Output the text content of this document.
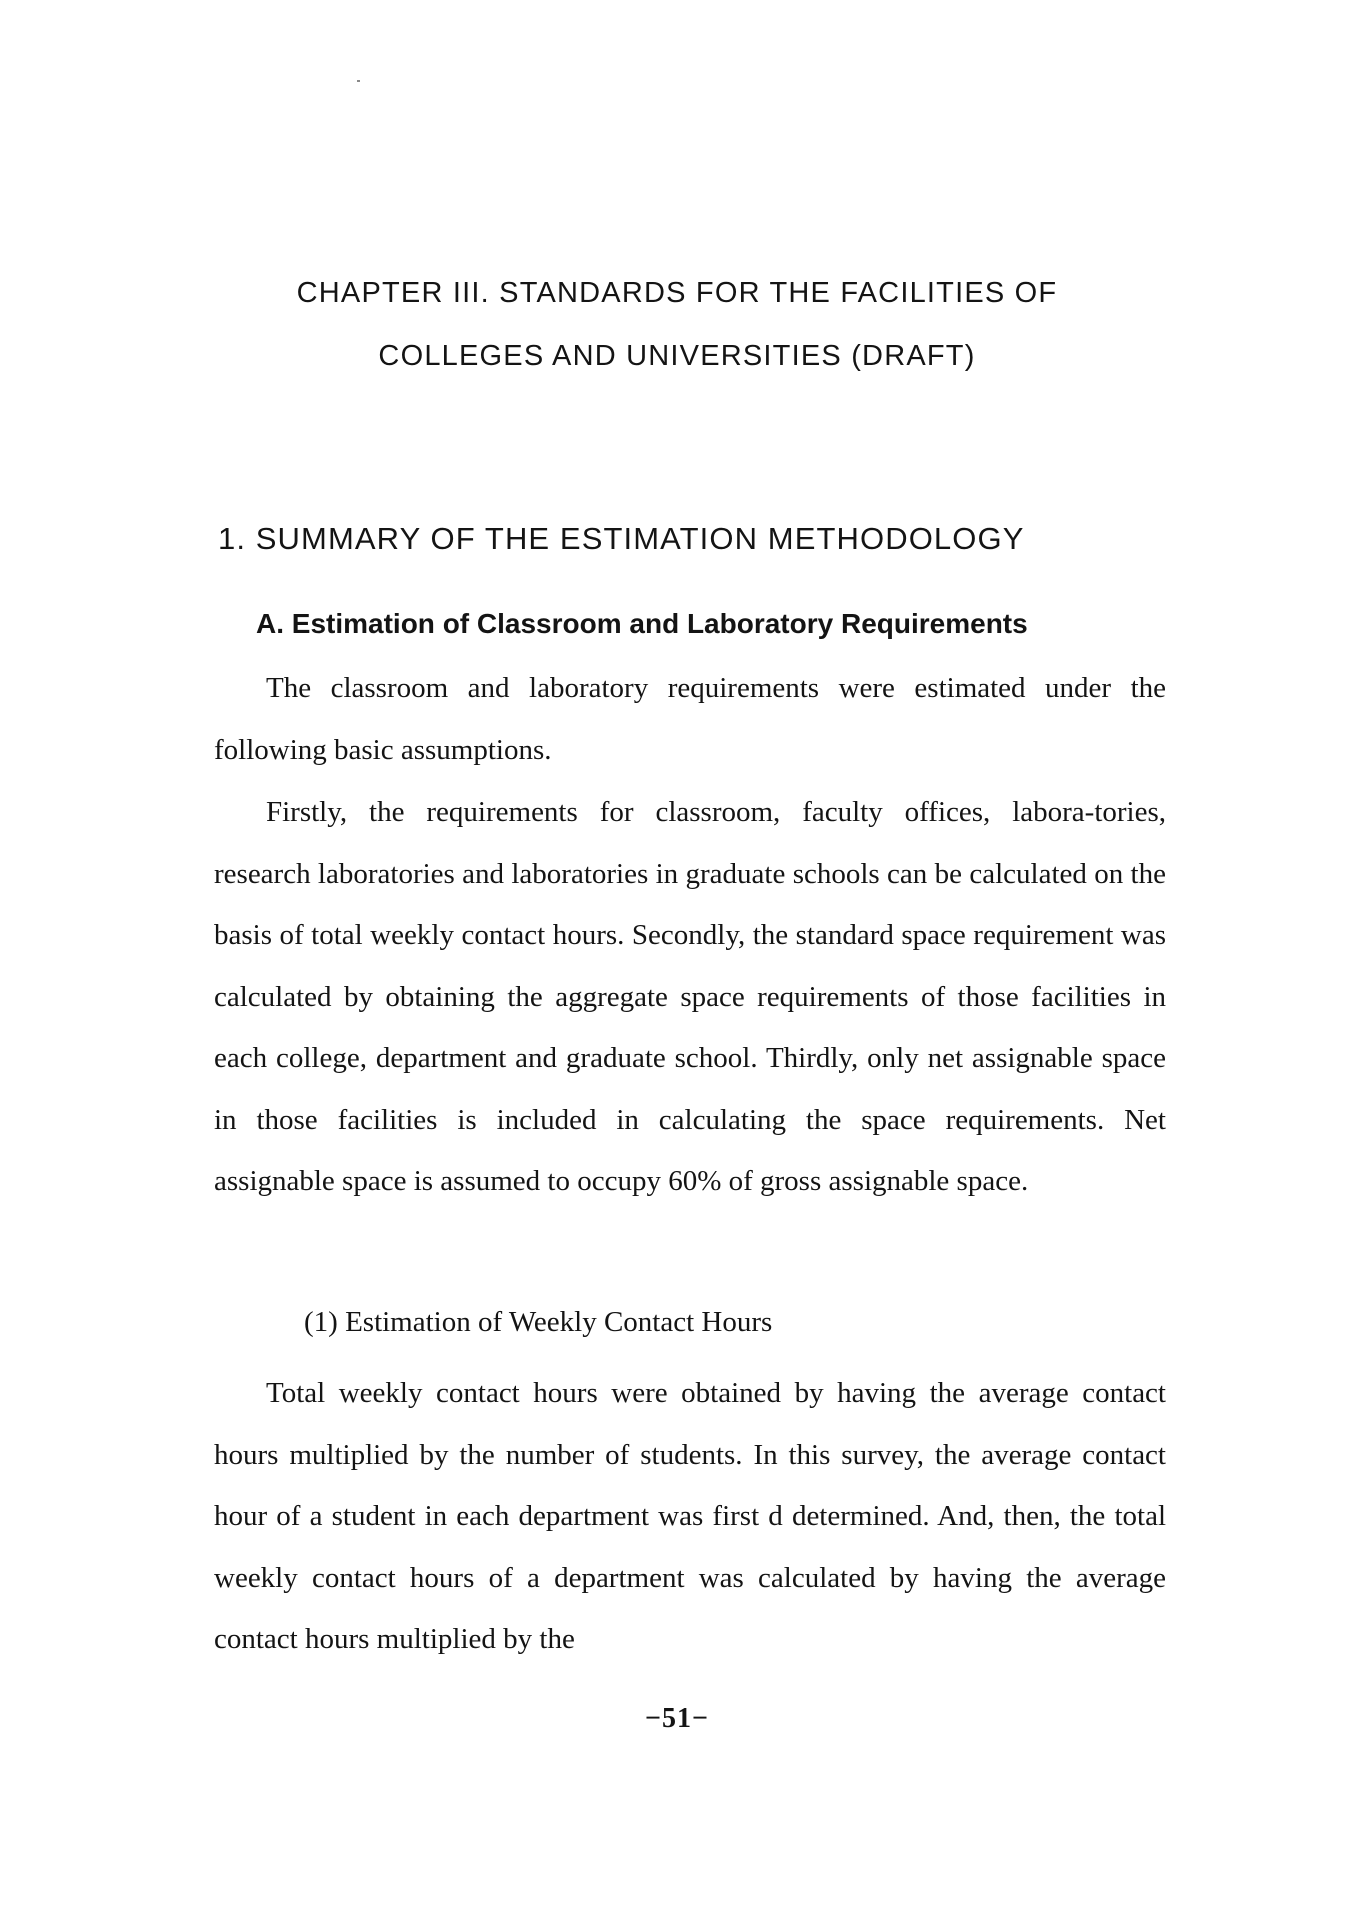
CHAPTER III. STANDARDS FOR THE FACILITIES OF
COLLEGES AND UNIVERSITIES (DRAFT)
1. SUMMARY OF THE ESTIMATION METHODOLOGY
A. Estimation of Classroom and Laboratory Requirements

The classroom and laboratory requirements were estimated under the following basic assumptions.

Firstly, the requirements for classroom, faculty offices, labora-tories, research laboratories and laboratories in graduate schools can be calculated on the basis of total weekly contact hours. Secondly, the standard space requirement was calculated by obtaining the aggregate space requirements of those facilities in each college, department and graduate school. Thirdly, only net assignable space in those facilities is included in calculating the space requirements. Net assignable space is assumed to occupy 60% of gross assignable space.

(1) Estimation of Weekly Contact Hours

Total weekly contact hours were obtained by having the average contact hours multiplied by the number of students. In this survey, the average contact hour of a student in each department was first d determined. And, then, the total weekly contact hours of a department was calculated by having the average contact hours multiplied by the

−51−
